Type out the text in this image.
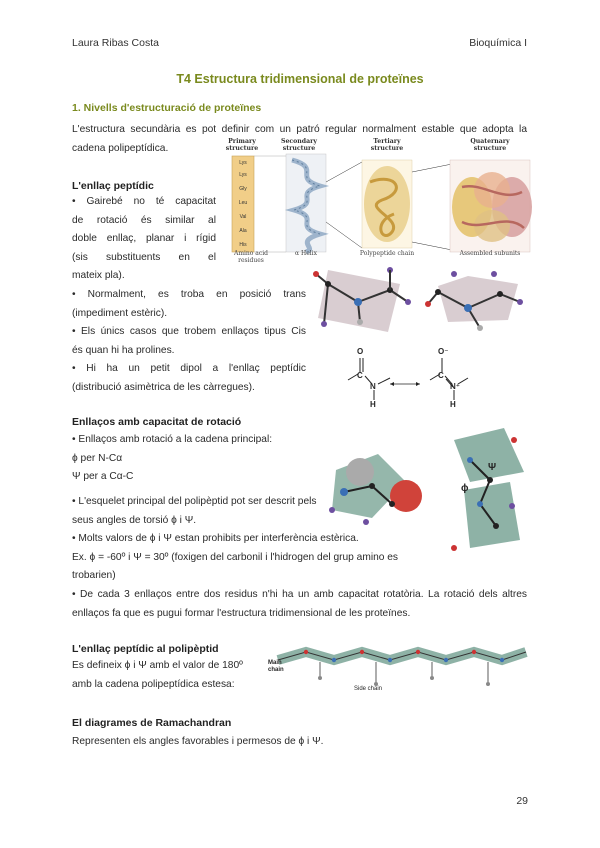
Laura Ribas Costa	Bioquímica I
T4 Estructura tridimensional de proteïnes
1. Nivells d'estructuració de proteïnes
L'estructura secundària es pot definir com un patró regular normalment estable que adopta la
cadena polipeptídica.
Primary structure
Secondary structure
Tertiary structure
Quaternary structure
Lys
Lys
Gly
Leu
Val
Ala
His
Amino acid residues
α Helix	Polypeptide chain	Assembled subunits
L'enllaç peptídic
• Gairebé no té capacitat
de rotació és similar al
doble enllaç, planar i rígid
(sis substituents en el
mateix pla).
• Normalment, es troba en posició trans
(impediment estèric).
• Els únics casos que trobem enllaços tipus Cis
és quan hi ha prolines.
• Hi ha un petit dipol a l'enllaç peptídic
(distribució asimètrica de les càrregues).
O
C
N
H
O⁻
C
N⁺
H
Enllaços amb capacitat de rotació
• Enllaços amb rotació a la cadena principal:
ϕ per N-Cα
Ψ per a Cα-C
• L'esquelet principal del polipèptid pot ser descrit pels
seus angles de torsió ϕ i Ψ.
• Molts valors de ϕ i Ψ estan prohibits per interferència estèrica.
Ex. ϕ = -60º i Ψ = 30º (foxigen del carbonil i l'hidrogen del grup amino es
trobarien)
• De cada 3 enllaços entre dos residus n'hi ha un amb capacitat rotatòria. La rotació dels altres
enllaços fa que es pugui formar l'estructura tridimensional de les proteïnes.
Ψ
ϕ
L'enllaç peptídic al polipèptid
Es defineix ϕ i Ψ amb el valor de 180º
amb la cadena polipeptídica estesa:
Main chain
Side chain
El diagrames de Ramachandran
Representen els angles favorables i permesos de ϕ i Ψ.
29
